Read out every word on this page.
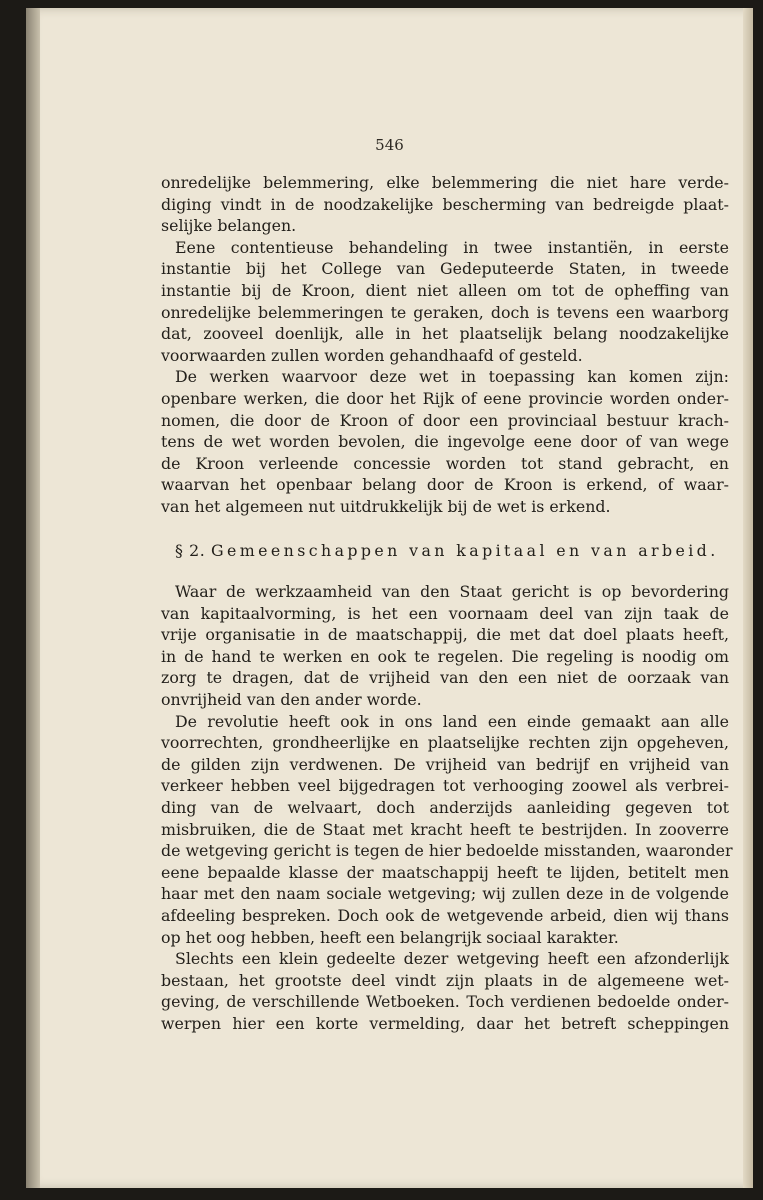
546
onredelijke belemmering, elke belemmering die niet hare verde-
diging vindt in de noodzakelijke bescherming van bedreigde plaat-
selijke belangen.
Eene contentieuse behandeling in twee instantiën, in eerste
instantie bij het College van Gedeputeerde Staten, in tweede
instantie bij de Kroon, dient niet alleen om tot de opheffing van
onredelijke belemmeringen te geraken, doch is tevens een waarborg
dat, zooveel doenlijk, alle in het plaatselijk belang noodzakelijke
voorwaarden zullen worden gehandhaafd of gesteld.
De werken waarvoor deze wet in toepassing kan komen zijn:
openbare werken, die door het Rijk of eene provincie worden onder-
nomen, die door de Kroon of door een provinciaal bestuur krach-
tens de wet worden bevolen, die ingevolge eene door of van wege
de Kroon verleende concessie worden tot stand gebracht, en
waarvan het openbaar belang door de Kroon is erkend, of waar-
van het algemeen nut uitdrukkelijk bij de wet is erkend.
§ 2. Gemeenschappen van kapitaal en van arbeid.
Waar de werkzaamheid van den Staat gericht is op bevordering
van kapitaalvorming, is het een voornaam deel van zijn taak de
vrije organisatie in de maatschappij, die met dat doel plaats heeft,
in de hand te werken en ook te regelen. Die regeling is noodig om
zorg te dragen, dat de vrijheid van den een niet de oorzaak van
onvrijheid van den ander worde.
De revolutie heeft ook in ons land een einde gemaakt aan alle
voorrechten, grondheerlijke en plaatselijke rechten zijn opgeheven,
de gilden zijn verdwenen. De vrijheid van bedrijf en vrijheid van
verkeer hebben veel bijgedragen tot verhooging zoowel als verbrei-
ding van de welvaart, doch anderzijds aanleiding gegeven tot
misbruiken, die de Staat met kracht heeft te bestrijden. In zooverre
de wetgeving gericht is tegen de hier bedoelde misstanden, waaronder
eene bepaalde klasse der maatschappij heeft te lijden, betitelt men
haar met den naam sociale wetgeving; wij zullen deze in de volgende
afdeeling bespreken. Doch ook de wetgevende arbeid, dien wij thans
op het oog hebben, heeft een belangrijk sociaal karakter.
Slechts een klein gedeelte dezer wetgeving heeft een afzonderlijk
bestaan, het grootste deel vindt zijn plaats in de algemeene wet-
geving, de verschillende Wetboeken. Toch verdienen bedoelde onder-
werpen hier een korte vermelding, daar het betreft scheppingen
